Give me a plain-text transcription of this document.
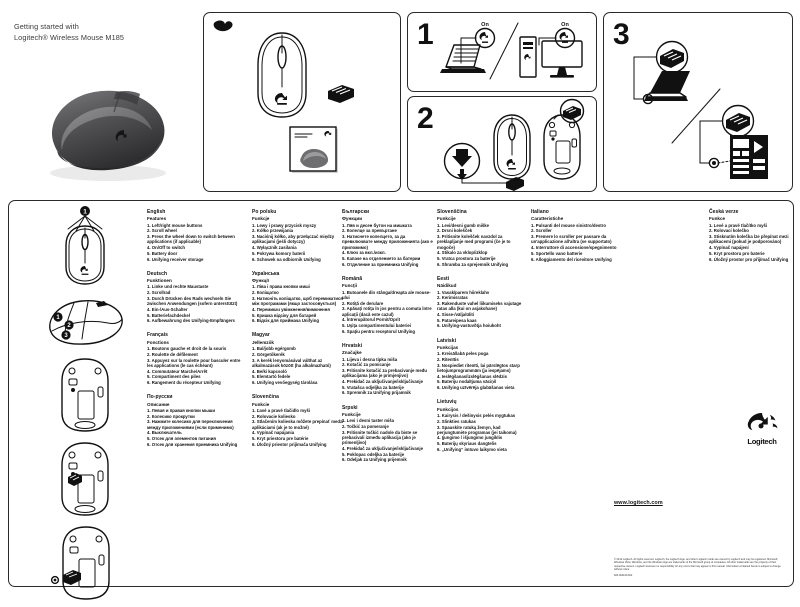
Getting started with
Logitech® Wireless Mouse M185	1	On	On
2
3
1
1
2
3
English
Features
1. Left/right mouse buttons
2. Scroll wheel
3. Press the wheel down to switch between applications (if applicable)
4. On/Off to switch
5. Battery door
6. Unifying receiver storage
Deutsch
Funktionen
1. Linke und rechte Maustaste
2. Scrollrad
3. Durch Drücken des Rads wechseln Sie zwischen Anwendungen (sofern unterstützt)
4. Ein-/Aus-Schalter
5. Batteriefachdeckel
6. Aufbewahrung des Unifying-Empfängers
Français
Fonctions
1. Boutons gauche et droit de la souris
2. Roulette de défilement
3. Appuyez sur la roulette pour basculer entre les applications (le cas échéant)
4. Commutateur Marche/Arrêt
5. Compartiment des piles
6. Rangement du récepteur Unifying
По-русски
Описание
1. Левая и правая кнопки мыши
2. Колесико прокрутки
3. Нажмите колесико для переключения между приложениями (если применимо)
4. Выключатель
5. Отсек для элементов питания
6. Отсек для хранения приемника Unifying
Po polsku
Funkcje
1. Lewy i prawy przycisk myszy
2. Kółko przewijania
3. Naciśnij kółko, aby przełączać między aplikacjami (jeśli dotyczy)
4. Wyłącznik zasilania
5. Pokrywa komory baterii
6. Schowek na odbiornik Unifying
Українська
Функції
1. Ліва і права кнопки миші
2. Коліщатко
3. Натисніть коліщатко, щоб перемикатися між програмами (якщо застосовується)
4. Перемикач увімкнення/вимкнення
5. Кришка відсіку для батарей
6. Відсік для приймача Unifying
Magyar
Jellemzők
1. Bal/jobb egérgomb
2. Görgetőkerék
3. A kerék lenyomásával válthat az alkalmazások között (ha alkalmazható)
4. Be/ki kapcsoló
5. Elemtartó fedele
6. Unifying vevőegység tárolása
Slovenčina
Funkcie
1. Ľavé a pravé tlačidlo myši
2. Rolovacie koliesko
3. Stlačením kolieska môžete prepínať medzi aplikáciami (ak je to možné)
4. Vypínač napájania
5. Kryt priestoru pre batérie
6. Úložný priestor prijímača Unifying
Български
Функции
1. Ляв и десен бутон на мишката
2. Колелце за превъртане
3. Натиснете колелцето, за да превключвате между приложенията (ако е приложимо)
4. Ключ за вкл./изкл.
5. Капаче на отделението за батерии
6. Отделение за приемника Unifying
Română
Funcţii
1. Butoanele din stânga/dreapta ale mouse-ului
2. Rotiţă de derulare
3. Apăsaţi rotiţa în jos pentru a comuta între aplicaţii (dacă este cazul)
4. Întrerupătorul Pornit/Oprit
5. Uşiţa compartimentului bateriei
6. Spaţiu pentru receptorul Unifying
Hrvatski
Značajke
1. Lijeva i desna tipka miša
2. Kotačić za pomicanje
3. Pritisnite kotačić za prebacivanje među aplikacijama (ako je primjenjivo)
4. Prekidač za uključivanje/isključivanje
5. Vratašca odjeljka za baterije
6. Spremnik za Unifying prijamnik
Srpski
Funkcije
1. Levi i desni taster miša
2. Točkić za pomeranje
3. Pritisnite točkić nadole da biste se prebacivali između aplikacija (ako je primenljivo)
4. Prekidač za uključivanje/isključivanje
5. Poklopac odeljka za baterije
6. Odeljak za Unifying prijemnik
Slovenščina
Funkcije
1. Levi/desni gumb miške
2. Drsni kolešček
3. Pritisnite kolešček navzdol za preklapljanje med programi (če je to mogoče)
4. Stikalo za vklop/izklop
5. Vratca prostora za baterije
6. Shramba za sprejemnik Unifying
Eesti
Näidikud
1. Vasak/parem hiireklahv
2. Kerimisratas
3. Rakenduste vahel liikumiseks vajutage ratas alla (kui on asjakohane)
4. Sisse-/väljalüliti
5. Patareipesa kaas
6. Unifying-vastuvõtja hoiukoht
Latviski
Funkcijas
1. Kreisā/labā peles poga
2. Ritenītis
3. Nospiediet ritenīti, lai pārslēgtos starp lietojumprogrammām (ja iespējams)
4. Ieslēgšanas/izslēgšanas slēdzis
5. Bateriju nodalījuma vāciņš
6. Unifying uztvērēja glabāšanas vieta
Lietuvių
Funkcijos
1. Kairysis / dešinysis pelės mygtukas
2. Slinkties ratukas
3. Spauskite ratuką žemyn, kad perjungtumėte programas (jei taikoma)
4. Įjungimo / išjungimo jungiklis
5. Baterijų skyriaus dangtelis
6. „Unifying“ imtuvo laikymo vieta
Italiano
Caratteristiche
1. Pulsanti del mouse sinistro/destro
2. Scroller
3. Premere lo scroller per passare da un'applicazione all'altra (se supportato)
4. Interruttore di accensione/spegnimento
5. Sportello vano batterie
6. Alloggiamento del ricevitore Unifying
Česká verze
Funkce
1. Levé a pravé tlačítko myši
2. Rolovací kolečko
3. Stisknutím kolečka lze přepínat mezi aplikacemi (pokud je podporováno)
4. Vypínač napájení
5. Kryt prostoru pro baterie
6. Úložný prostor pro přijímač Unifying
Logitech
www.logitech.com
© 2012 Logitech. All rights reserved. Logitech, the Logitech logo, and other Logitech marks are owned by Logitech and may be registered. Microsoft, Windows Vista, Windows, and the Windows logo are trademarks of the Microsoft group of companies. All other trademarks are the property of their respective owners. Logitech assumes no responsibility for any errors that may appear in this manual. Information contained herein is subject to change without notice.
620-004109.002
